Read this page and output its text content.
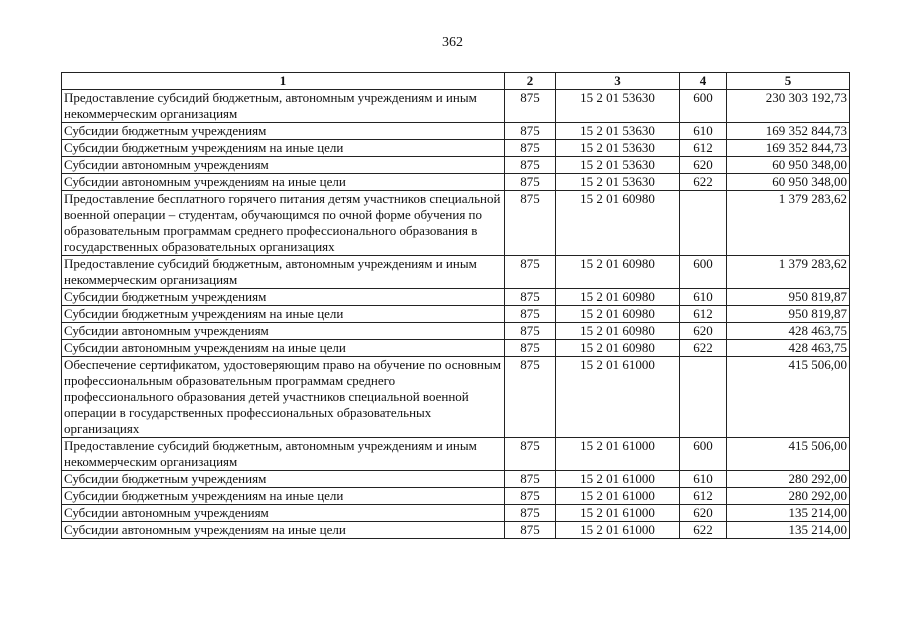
362
1	2	3	4	5
Предоставление субсидий бюджетным, автономным учреждениям и иным некоммерческим организациям	875	15 2 01 53630	600	230 303 192,73
Субсидии бюджетным учреждениям	875	15 2 01 53630	610	169 352 844,73
Субсидии бюджетным учреждениям на иные цели	875	15 2 01 53630	612	169 352 844,73
Субсидии автономным учреждениям	875	15 2 01 53630	620	60 950 348,00
Субсидии автономным учреждениям на иные цели	875	15 2 01 53630	622	60 950 348,00
Предоставление бесплатного горячего питания детям участников специальной военной операции – студентам, обучающимся по очной форме обучения по образовательным программам среднего профессионального образования в государственных образовательных организациях	875	15 2 01 60980		1 379 283,62
Предоставление субсидий бюджетным, автономным учреждениям и иным некоммерческим организациям	875	15 2 01 60980	600	1 379 283,62
Субсидии бюджетным учреждениям	875	15 2 01 60980	610	950 819,87
Субсидии бюджетным учреждениям на иные цели	875	15 2 01 60980	612	950 819,87
Субсидии автономным учреждениям	875	15 2 01 60980	620	428 463,75
Субсидии автономным учреждениям на иные цели	875	15 2 01 60980	622	428 463,75
Обеспечение сертификатом, удостоверяющим право на обучение по основным профессиональным образовательным программам среднего профессионального образования детей участников специальной военной операции в государственных профессиональных образовательных организациях	875	15 2 01 61000		415 506,00
Предоставление субсидий бюджетным, автономным учреждениям и иным некоммерческим организациям	875	15 2 01 61000	600	415 506,00
Субсидии бюджетным учреждениям	875	15 2 01 61000	610	280 292,00
Субсидии бюджетным учреждениям на иные цели	875	15 2 01 61000	612	280 292,00
Субсидии автономным учреждениям	875	15 2 01 61000	620	135 214,00
Субсидии автономным учреждениям на иные цели	875	15 2 01 61000	622	135 214,00
